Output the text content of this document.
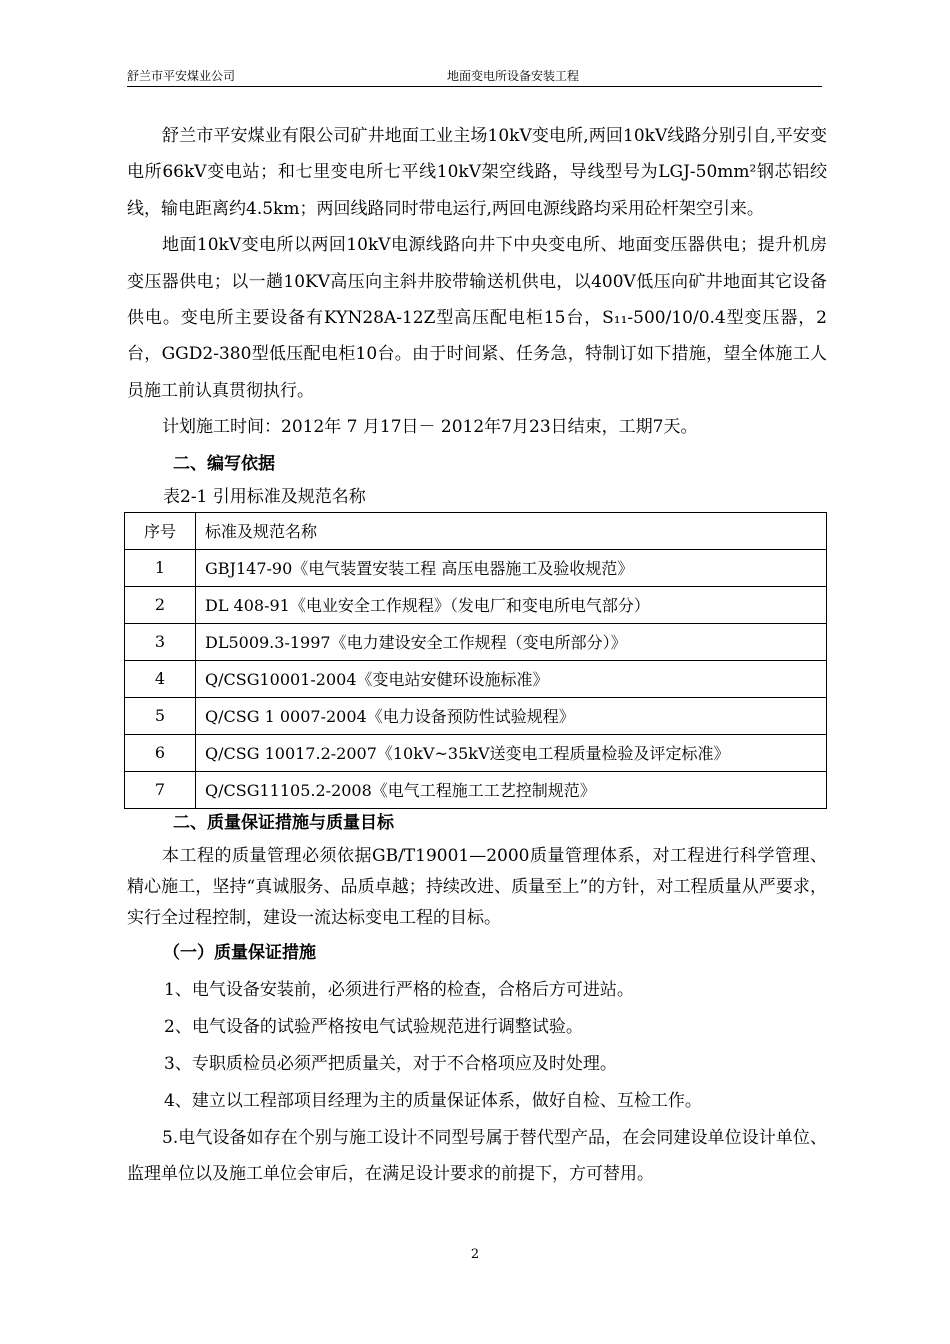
舒兰市平安煤业公司	地面变电所设备安装工程

舒兰市平安煤业有限公司矿井地面工业主场10kV变电所,两回10kV线路分别引自,平安变电所66kV变电站；和七里变电所七平线10kV架空线路，导线型号为LGJ-50mm²钢芯铝绞线，输电距离约4.5km；两回线路同时带电运行,两回电源线路均采用砼杆架空引来。

地面10kV变电所以两回10kV电源线路向井下中央变电所、地面变压器供电；提升机房变压器供电；以一趟10KV高压向主斜井胶带输送机供电，以400V低压向矿井地面其它设备供电。变电所主要设备有KYN28A-12Z型高压配电柜15台，S₁₁-500/10/0.4型变压器，2台，GGD2-380型低压配电柜10台。由于时间紧、任务急，特制订如下措施，望全体施工人员施工前认真贯彻执行。

计划施工时间：2012年 7 月17日－ 2012年7月23日结束，工期7天。

二、编写依据

表2-1 引用标准及规范名称

序号	标准及规范名称
1	GBJ147-90《电气装置安装工程 高压电器施工及验收规范》
2	DL 408-91《电业安全工作规程》（发电厂和变电所电气部分）
3	DL5009.3-1997《电力建设安全工作规程（变电所部分）》
4	Q/CSG10001-2004《变电站安健环设施标准》
5	Q/CSG 1 0007-2004《电力设备预防性试验规程》
6	Q/CSG 10017.2-2007《10kV~35kV送变电工程质量检验及评定标准》
7	Q/CSG11105.2-2008《电气工程施工工艺控制规范》

二、质量保证措施与质量目标

本工程的质量管理必须依据GB/T19001—2000质量管理体系，对工程进行科学管理、精心施工，坚持“真诚服务、品质卓越；持续改进、质量至上”的方针，对工程质量从严要求，实行全过程控制，建设一流达标变电工程的目标。

（一）质量保证措施

1、电气设备安装前，必须进行严格的检查，合格后方可进站。

2、电气设备的试验严格按电气试验规范进行调整试验。

3、专职质检员必须严把质量关，对于不合格项应及时处理。

4、建立以工程部项目经理为主的质量保证体系，做好自检、互检工作。

5.电气设备如存在个别与施工设计不同型号属于替代型产品，在会同建设单位设计单位、监理单位以及施工单位会审后，在满足设计要求的前提下，方可替用。

2
